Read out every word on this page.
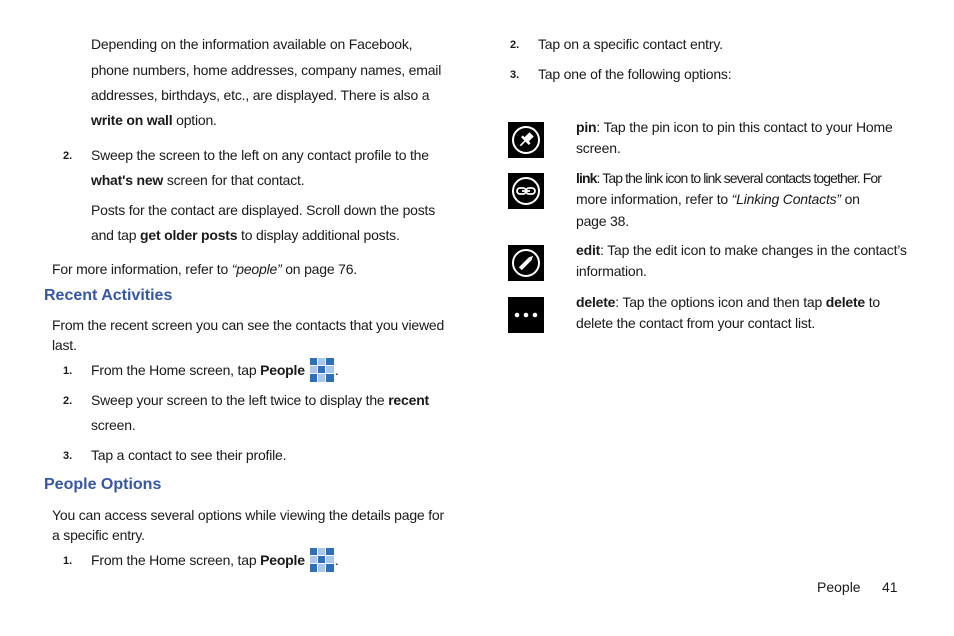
Depending on the information available on Facebook,

phone numbers, home addresses, company names, email

addresses, birthdays, etc., are displayed. There is also a

write on wall option.

2. Sweep the screen to the left on any contact profile to the

what's new screen for that contact.

Posts for the contact are displayed. Scroll down the posts

and tap get older posts to display additional posts.

For more information, refer to “people” on page 76.

Recent Activities

From the recent screen you can see the contacts that you viewed

last.

1. From the Home screen, tap People .

2. Sweep your screen to the left twice to display the recent

screen.

3. Tap a contact to see their profile.

People Options

You can access several options while viewing the details page for

a specific entry.

1. From the Home screen, tap People .

2. Tap on a specific contact entry.

3. Tap one of the following options:

pin: Tap the pin icon to pin this contact to your Home

screen.

link: Tap the link icon to link several contacts together. For

more information, refer to “Linking Contacts” on

page 38.

edit: Tap the edit icon to make changes in the contact’s

information.

delete: Tap the options icon and then tap delete to

delete the contact from your contact list.

People 41
